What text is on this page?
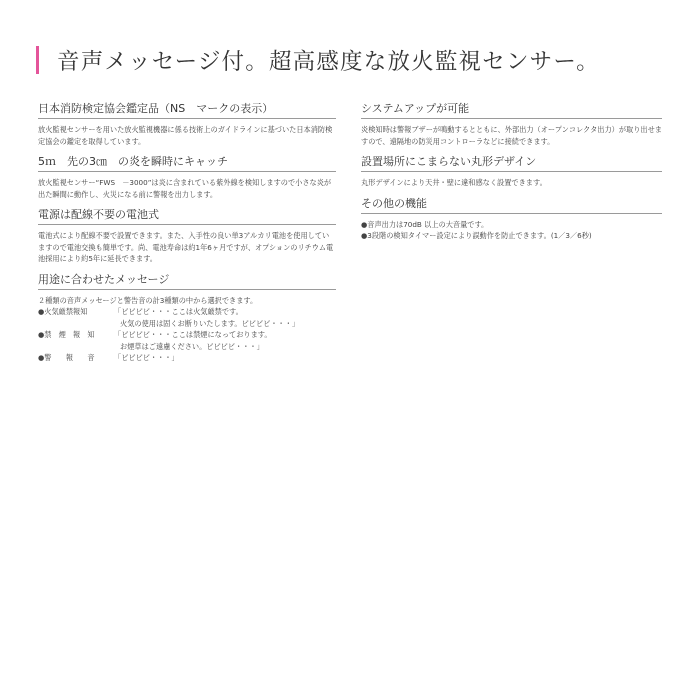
音声メッセージ付。超高感度な放火監視センサー。
日本消防検定協会鑑定品（NS　マークの表示）

放火監視センサーを用いた放火監視機器に係る技術上のガイドラインに基づいた日本消防検定協会の鑑定を取得しています。

5ｍ　先の3㎝　の炎を瞬時にキャッチ

放火監視センサー“FWS　－3000”は炎に含まれている紫外線を検知しますので小さな炎が出た瞬間に動作し、火災になる前に警報を出力します。

電源は配線不要の電池式

電池式により配線不要で設置できます。また、入手性の良い単3アルカリ電池を使用していますので電池交換も簡単です。尚、電池寿命は約1年6ヶ月ですが、オプションのリチウム電池採用により約5年に延長できます。

用途に合わせたメッセージ

２種類の音声メッセージと警告音の計3種類の中から選択できます。

●火気厳禁報知	「ビビビビ・・・ここは火気厳禁です。
火気の使用は固くお断りいたします。ビビビビ・・・」
●禁　煙　報　知	「ビビビビ・・・ここは禁煙になっております。
お煙草はご遠慮ください。ビビビビ・・・」
●警　　報　　音	「ビビビビ・・・」
システムアップが可能

炎検知時は警報ブザーが鳴動するとともに、外部出力（オープンコレクタ出力）が取り出せますので、遠隔地の防災用コントローラなどに接続できます。

設置場所にこまらない丸形デザイン

丸形デザインにより天井・壁に違和感なく設置できます。

その他の機能
●音声出力は70dB 以上の大音量です。
●3段階の検知タイマー設定により誤動作を防止できます。(1／3／6秒)
